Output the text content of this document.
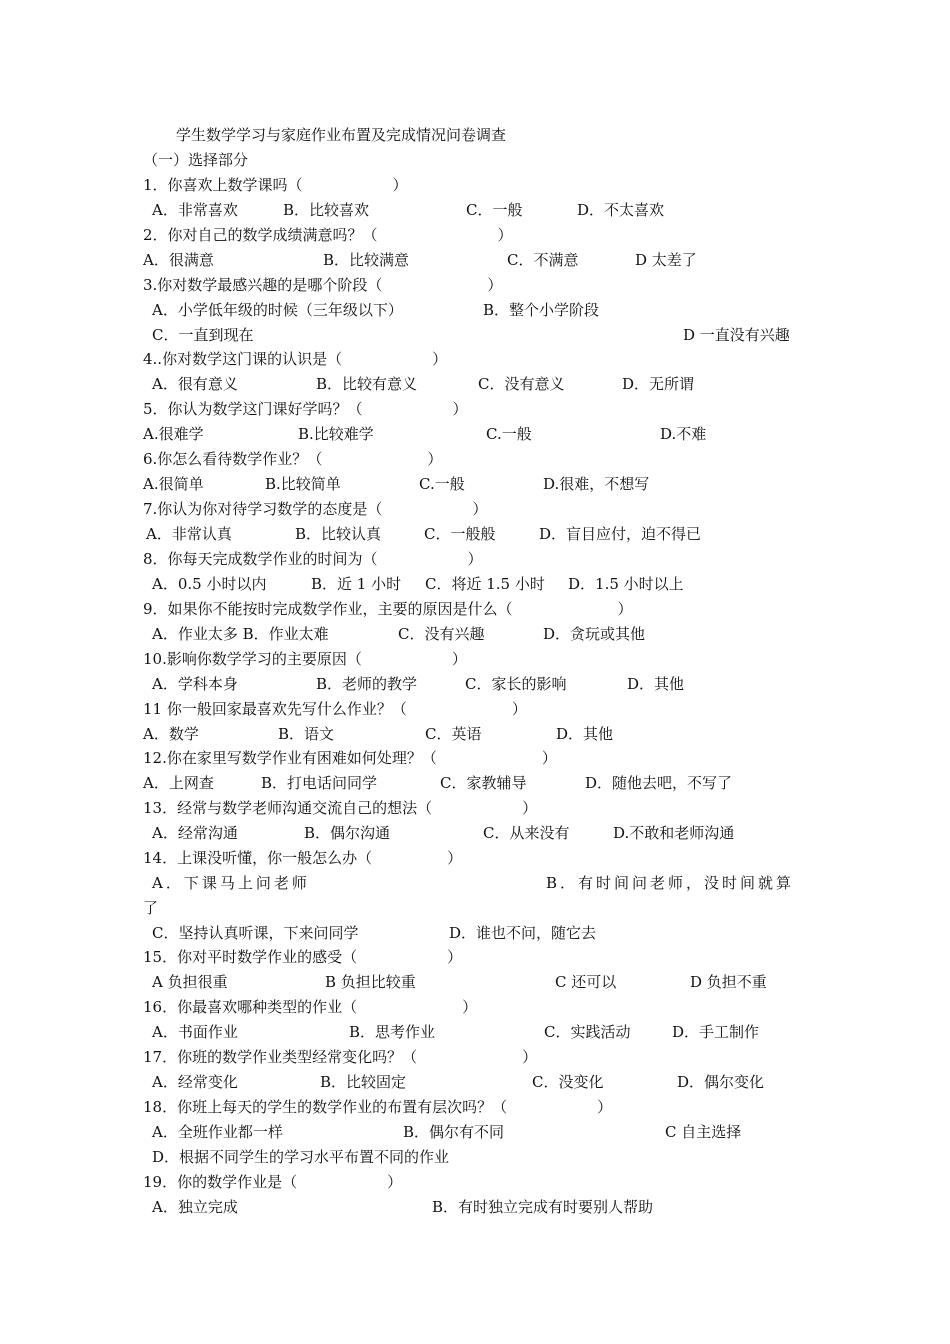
学生数学学习与家庭作业布置及完成情况问卷调查
（一）选择部分
1．你喜欢上数学课吗（　　　　　　）
A．非常喜欢	B．比较喜欢	C．一般	D．不太喜欢
2．你对自己的数学成绩满意吗？（　　　　　　　　）
A．很满意	B．比较满意	C．不满意	D 太差了
3.你对数学最感兴趣的是哪个阶段（　　　　　　　）
A．小学低年级的时候（三年级以下）	B．整个小学阶段
C．一直到现在	D 一直没有兴趣
4..你对数学这门课的认识是（　　　　　　）
A．很有意义	B．比较有意义	C．没有意义	D．无所谓
5．你认为数学这门课好学吗？（　　　　　　）
A.很难学	B.比较难学	C.一般	D.不难
6.你怎么看待数学作业？（　　　　　　　）
A.很简单	B.比较简单	C.一般	D.很难，不想写
7.你认为你对待学习数学的态度是（　　　　　　）
A．非常认真	B．比较认真	C．一般般	D．盲目应付，迫不得已
8．你每天完成数学作业的时间为（　　　　　　）
A．0.5 小时以内	B．近 1 小时 C．将近 1.5 小时 D．1.5 小时以上
9．如果你不能按时完成数学作业，主要的原因是什么（　　　　　　　）
A．作业太多 B．作业太难	C．没有兴趣	D．贪玩或其他
10.影响你数学学习的主要原因（　　　　　　）
A．学科本身	B．老师的教学	C．家长的影响	D．其他
11 你一般回家最喜欢先写什么作业？（　　　　　　　）
A．数学	B．语文	C．英语	D．其他
12.你在家里写数学作业有困难如何处理？（　　　　　　　）
A．上网查	B．打电话问同学	C．家教辅导	D．随他去吧，不写了
13．经常与数学老师沟通交流自己的想法（　　　　　　）
A．经常沟通	B．偶尔沟通	C．从来没有	D.不敢和老师沟通
14．上课没听懂，你一般怎么办（　　　　　）
A．下课马上问老师	B．有时间问老师，没时间就算
了
C．坚持认真听课，下来问同学	D．谁也不问，随它去
15．你对平时数学作业的感受（　　　　　　）
A 负担很重	B 负担比较重	C 还可以	D 负担不重
16．你最喜欢哪种类型的作业（　　　　　　　）
A．书面作业	B．思考作业	C．实践活动	D．手工制作
17．你班的数学作业类型经常变化吗？（　　　　　　　）
A．经常变化	B．比较固定	C．没变化	D．偶尔变化
18．你班上每天的学生的数学作业的布置有层次吗？（　　　　　　）
A．全班作业都一样	B．偶尔有不同	C 自主选择
D．根据不同学生的学习水平布置不同的作业
19．你的数学作业是（　　　　　　）
A．独立完成	B．有时独立完成有时要别人帮助
